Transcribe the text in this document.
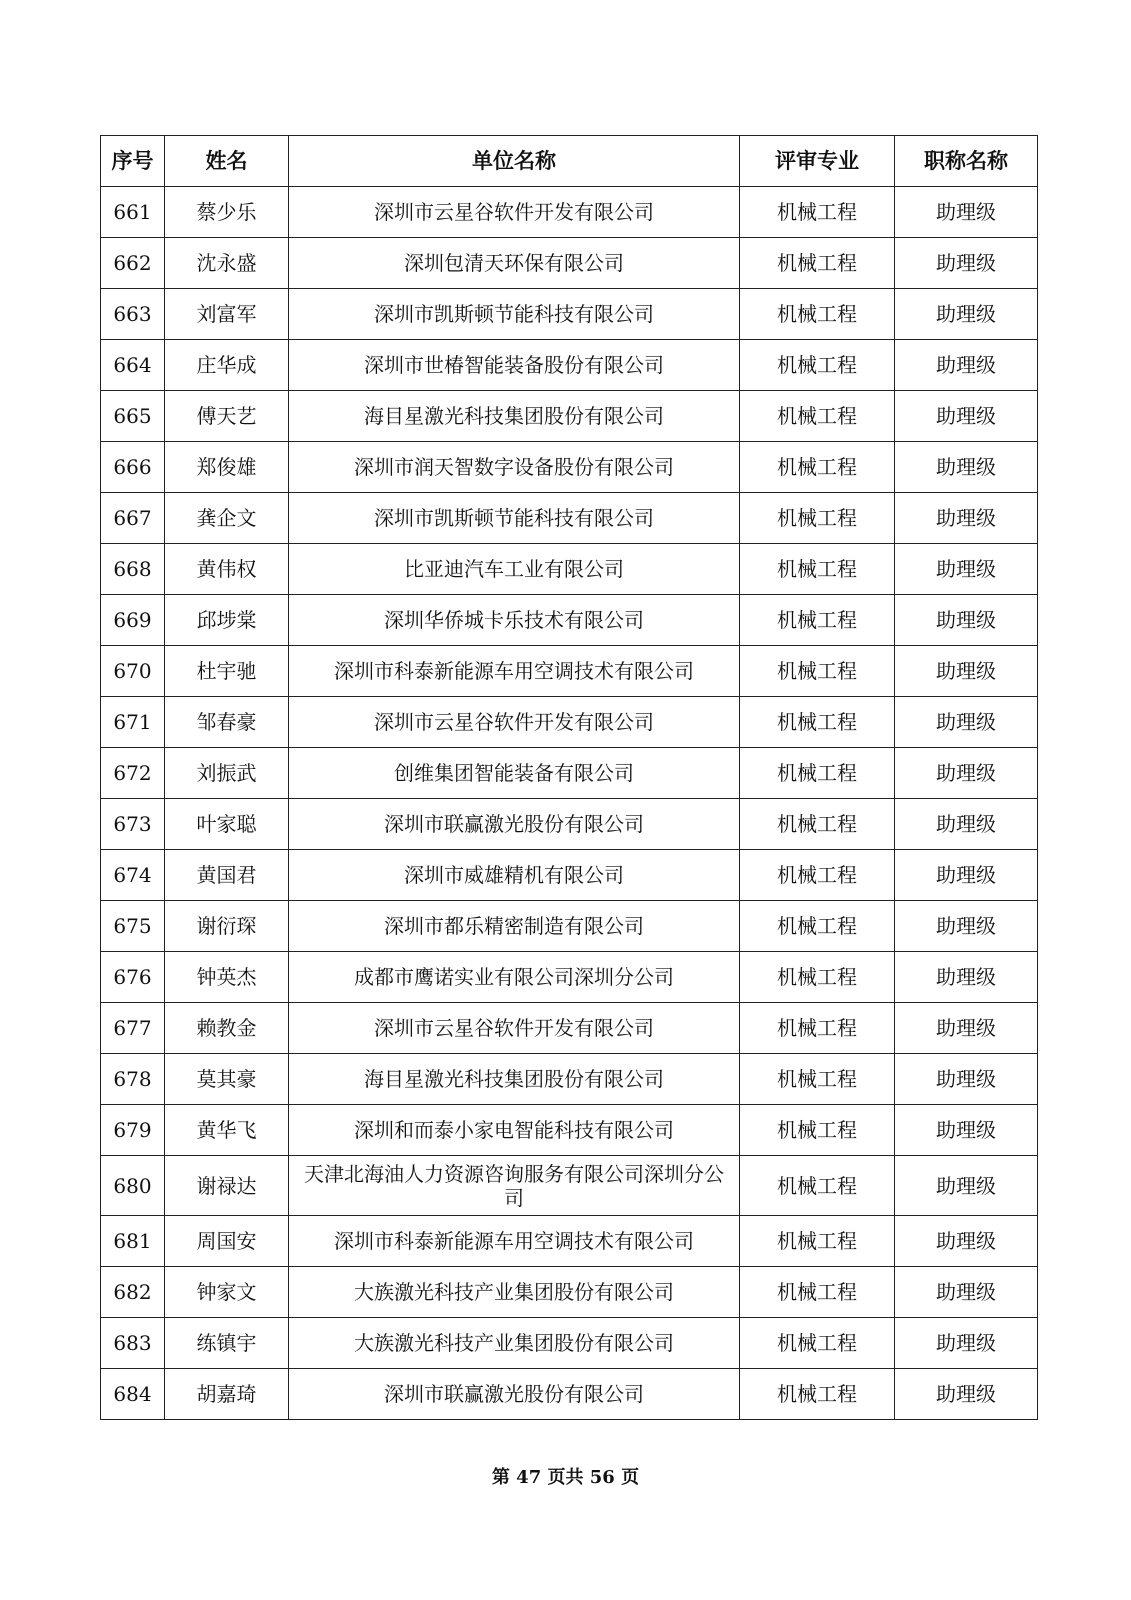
序号	姓名	单位名称	评审专业	职称名称
661	蔡少乐	深圳市云星谷软件开发有限公司	机械工程	助理级
662	沈永盛	深圳包清天环保有限公司	机械工程	助理级
663	刘富军	深圳市凯斯顿节能科技有限公司	机械工程	助理级
664	庄华成	深圳市世椿智能装备股份有限公司	机械工程	助理级
665	傅天艺	海目星激光科技集团股份有限公司	机械工程	助理级
666	郑俊雄	深圳市润天智数字设备股份有限公司	机械工程	助理级
667	龚企文	深圳市凯斯顿节能科技有限公司	机械工程	助理级
668	黄伟权	比亚迪汽车工业有限公司	机械工程	助理级
669	邱埗棠	深圳华侨城卡乐技术有限公司	机械工程	助理级
670	杜宇驰	深圳市科泰新能源车用空调技术有限公司	机械工程	助理级
671	邹春豪	深圳市云星谷软件开发有限公司	机械工程	助理级
672	刘振武	创维集团智能装备有限公司	机械工程	助理级
673	叶家聪	深圳市联赢激光股份有限公司	机械工程	助理级
674	黄国君	深圳市威雄精机有限公司	机械工程	助理级
675	谢衍琛	深圳市都乐精密制造有限公司	机械工程	助理级
676	钟英杰	成都市鹰诺实业有限公司深圳分公司	机械工程	助理级
677	赖教金	深圳市云星谷软件开发有限公司	机械工程	助理级
678	莫其豪	海目星激光科技集团股份有限公司	机械工程	助理级
679	黄华飞	深圳和而泰小家电智能科技有限公司	机械工程	助理级
680	谢禄达	天津北海油人力资源咨询服务有限公司深圳分公司	机械工程	助理级
681	周国安	深圳市科泰新能源车用空调技术有限公司	机械工程	助理级
682	钟家文	大族激光科技产业集团股份有限公司	机械工程	助理级
683	练镇宇	大族激光科技产业集团股份有限公司	机械工程	助理级
684	胡嘉琦	深圳市联赢激光股份有限公司	机械工程	助理级
第 47 页共 56 页
